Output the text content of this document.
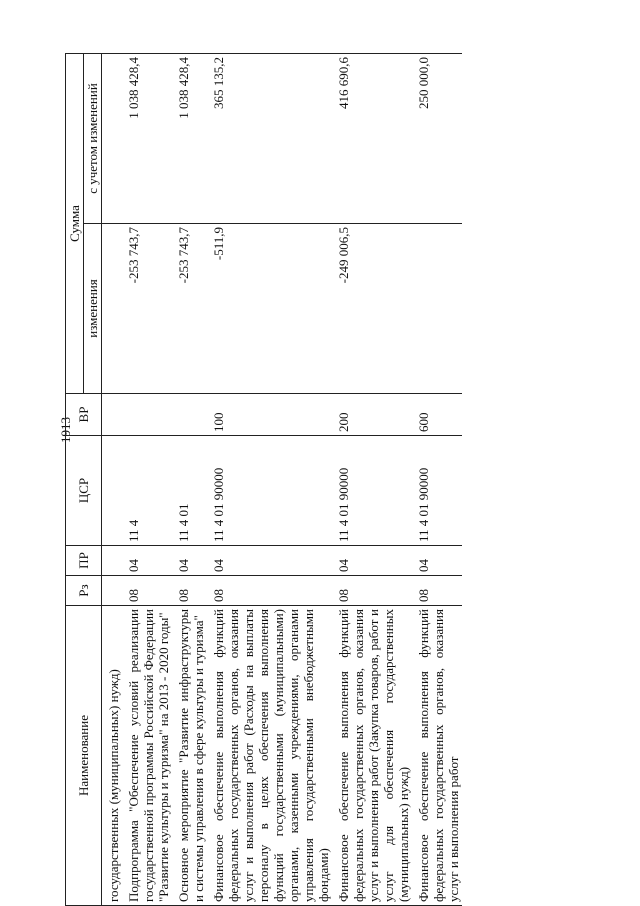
1913
Наименование	Рз	ПР	ЦСР	ВР	Сумма	
					изменения	с учетом изменений
государственных (муниципальных) нужд)						
Подпрограмма "Обеспечение условий реализации государственной программы Российской Федерации "Развитие культуры и туризма" на 2013 - 2020 годы"	08	04	11 4		-253 743,7	1 038 428,4
Основное мероприятие "Развитие инфраструктуры и системы управления в сфере культуры и туризма"	08	04	11 4 01		-253 743,7	1 038 428,4
Финансовое обеспечение выполнения функций федеральных государственных органов, оказания услуг и выполнения работ (Расходы на выплаты персоналу в целях обеспечения выполнения функций государственными (муниципальными) органами, казенными учреждениями, органами управления государственными внебюджетными фондами)	08	04	11 4 01 90000	100	-511,9	365 135,2
Финансовое обеспечение выполнения функций федеральных государственных органов, оказания услуг и выполнения работ (Закупка товаров, работ и услуг для обеспечения государственных (муниципальных) нужд)	08	04	11 4 01 90000	200	-249 006,5	416 690,6
Финансовое обеспечение выполнения функций федеральных государственных органов, оказания услуг и выполнения работ	08	04	11 4 01 90000	600		250 000,0
